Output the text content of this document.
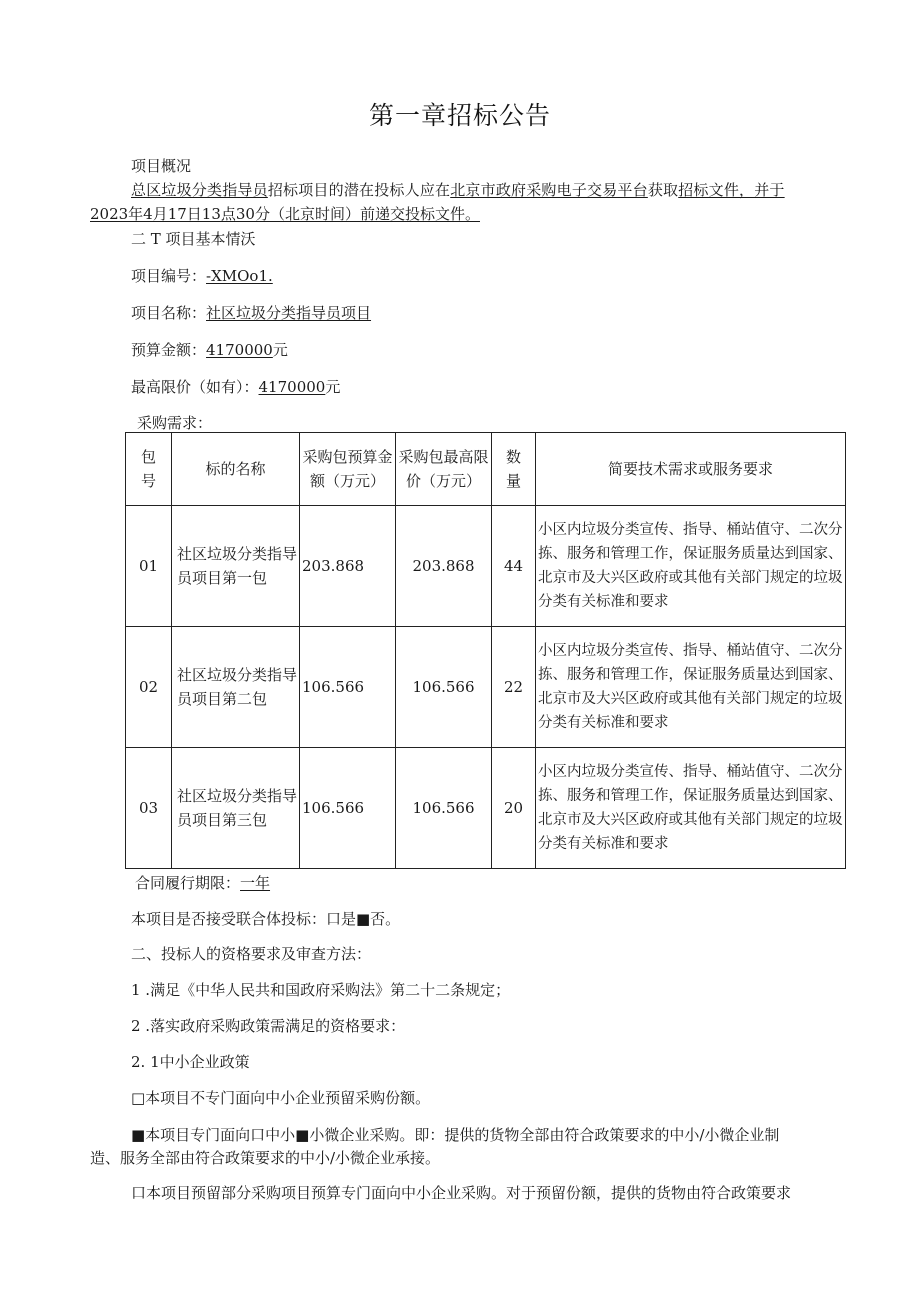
第一章招标公告
项目概况
总区垃圾分类指导员招标项目的潜在投标人应在北京市政府采购电子交易平台获取招标文件，并于
2023年4月17日13点30分（北京时间）前递交投标文件。
二 T 项目基本情沃
项目编号：-XMOo1.
项目名称：社区垃圾分类指导员项目
预算金额：4170000元
最高限价（如有）：4170000元
采购需求：
包号	标的名称	采购包预算金额（万元）	采购包最高限价（万元）	数量	简要技术需求或服务要求
01	社区垃圾分类指导员项目第一包	203.868	203.868	44	小区内垃圾分类宣传、指导、桶站值守、二次分拣、服务和管理工作，保证服务质量达到国家、北京市及大兴区政府或其他有关部门规定的垃圾分类有关标准和要求
02	社区垃圾分类指导员项目第二包	106.566	106.566	22	小区内垃圾分类宣传、指导、桶站值守、二次分拣、服务和管理工作，保证服务质量达到国家、北京市及大兴区政府或其他有关部门规定的垃圾分类有关标准和要求
03	社区垃圾分类指导员项目第三包	106.566	106.566	20	小区内垃圾分类宣传、指导、桶站值守、二次分拣、服务和管理工作，保证服务质量达到国家、北京市及大兴区政府或其他有关部门规定的垃圾分类有关标准和要求
合同履行期限：一年
本项目是否接受联合体投标：口是■否。
二、投标人的资格要求及审查方法：
1 .满足《中华人民共和国政府采购法》第二十二条规定；
2 .落实政府采购政策需满足的资格要求：
2. 1中小企业政策
□本项目不专门面向中小企业预留采购份额。
■本项目专门面向口中小■小微企业采购。即：提供的货物全部由符合政策要求的中小/小微企业制
造、服务全部由符合政策要求的中小/小微企业承接。
口本项目预留部分采购项目预算专门面向中小企业采购。对于预留份额，提供的货物由符合政策要求
